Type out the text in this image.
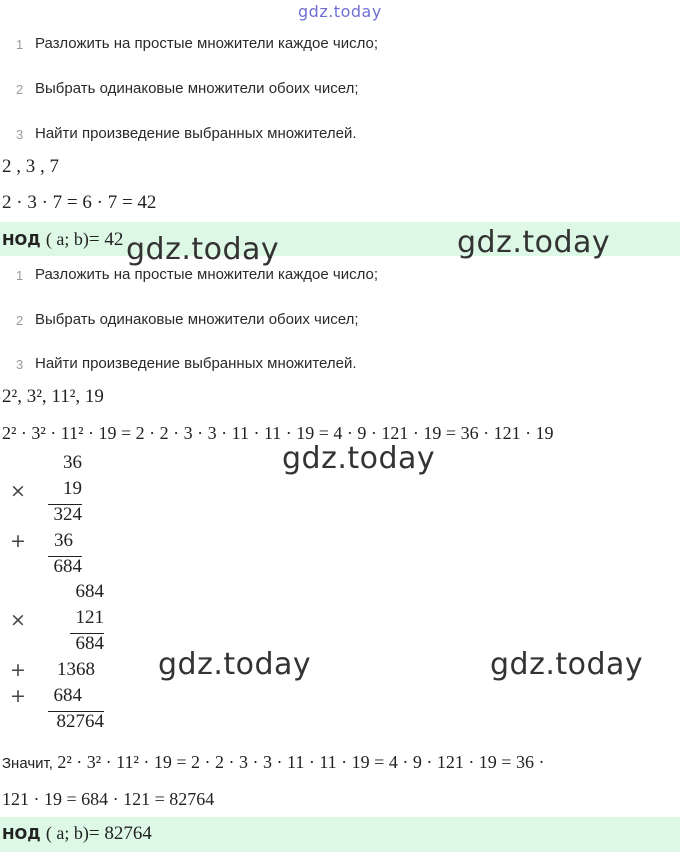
gdz.today
1 Разложить на простые множители каждое число;
2 Выбрать одинаковые множители обоих чисел;
3 Найти произведение выбранных множителей.
2 , 3 , 7
2 · 3 · 7 = 6 · 7 = 42
НОД ( a; b)= 42 gdz.today	gdz.today
1 Разложить на простые множители каждое число;
2 Выбрать одинаковые множители обоих чисел;
3 Найти произведение выбранных множителей.
2², 3², 11², 19
2² · 3² · 11² · 19 = 2 · 2 · 3 · 3 · 11 · 11 · 19 = 4 · 9 · 121 · 19 = 36 · 121 · 19
gdz.today
36
×	19
324
+	36
684
684
×	121
684
+	1368
+	684
82764
gdz.today	gdz.today
Значит, 2² · 3² · 11² · 19 = 2 · 2 · 3 · 3 · 11 · 11 · 19 = 4 · 9 · 121 · 19 = 36 ·
121 · 19 = 684 · 121 = 82764
НОД ( a; b)= 82764
